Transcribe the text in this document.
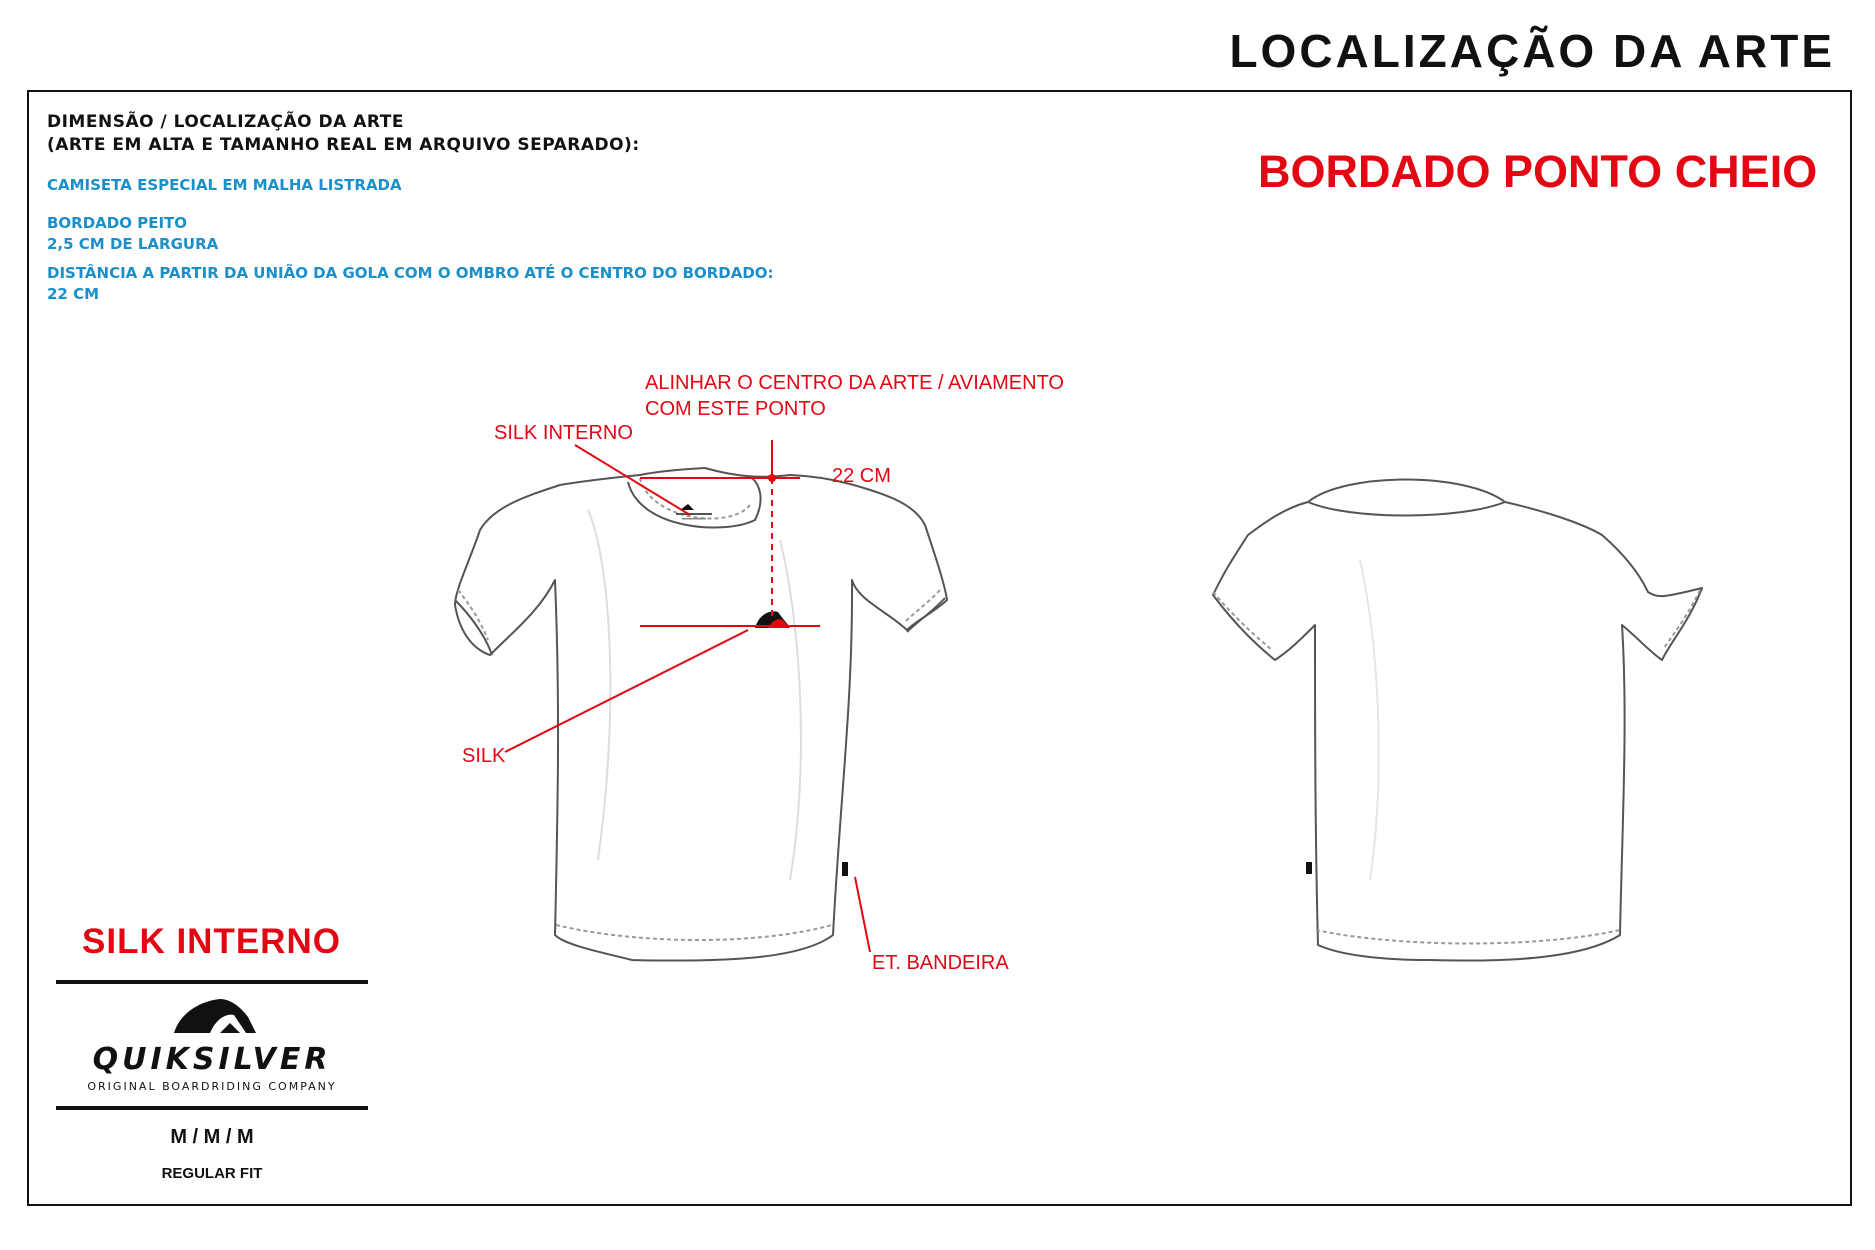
LOCALIZAÇÃO DA ARTE
DIMENSÃO / LOCALIZAÇÃO DA ARTE
(ARTE EM ALTA E TAMANHO REAL EM ARQUIVO SEPARADO):
CAMISETA ESPECIAL EM MALHA LISTRADA
BORDADO PEITO
2,5 CM DE LARGURA
DISTÂNCIA A PARTIR DA UNIÃO DA GOLA COM O OMBRO ATÉ O CENTRO DO BORDADO:
22 CM
BORDADO PONTO CHEIO
ALINHAR O CENTRO DA ARTE / AVIAMENTO
COM ESTE PONTO
SILK INTERNO
22 CM
SILK
ET. BANDEIRA
SILK INTERNO
QUIKSILVER
ORIGINAL BOARDRIDING COMPANY
M / M / M
REGULAR FIT
